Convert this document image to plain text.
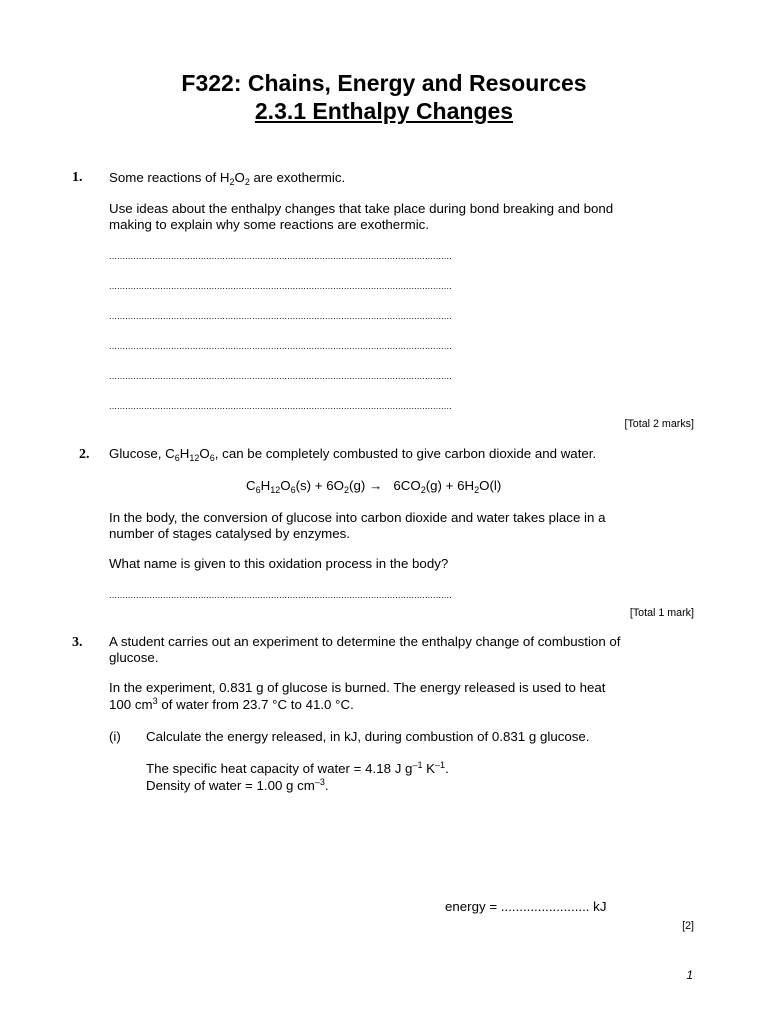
F322: Chains, Energy and Resources
2.3.1 Enthalpy Changes
1. Some reactions of $H_2O_2$ are exothermic.
Use ideas about the enthalpy changes that take place during bond breaking and bond
making to explain why some reactions are exothermic.
...............................................................................................................................
...............................................................................................................................
...............................................................................................................................
...............................................................................................................................
...............................................................................................................................
...............................................................................................................................
[Total 2 marks]
2. Glucose, $C_6H_{12}O_6$, can be completely combusted to give carbon dioxide and water.
$C_6H_{12}O_6(s) + 6O_2(g) \to 6CO_2(g) + 6H_2O(l)$
In the body, the conversion of glucose into carbon dioxide and water takes place in a
number of stages catalysed by enzymes.
What name is given to this oxidation process in the body?
...............................................................................................................................
[Total 1 mark]
3. A student carries out an experiment to determine the enthalpy change of combustion of
glucose.
In the experiment, 0.831 g of glucose is burned. The energy released is used to heat
100 $cm^3$ of water from 23.7 °C to 41.0 °C.
(i) Calculate the energy released, in kJ, during combustion of 0.831 g glucose.
The specific heat capacity of water = 4.18 J $g^{-1}$ $K^{-1}$.
Density of water = 1.00 g $cm^{-3}$.
energy = ........................ kJ
[2]
1
